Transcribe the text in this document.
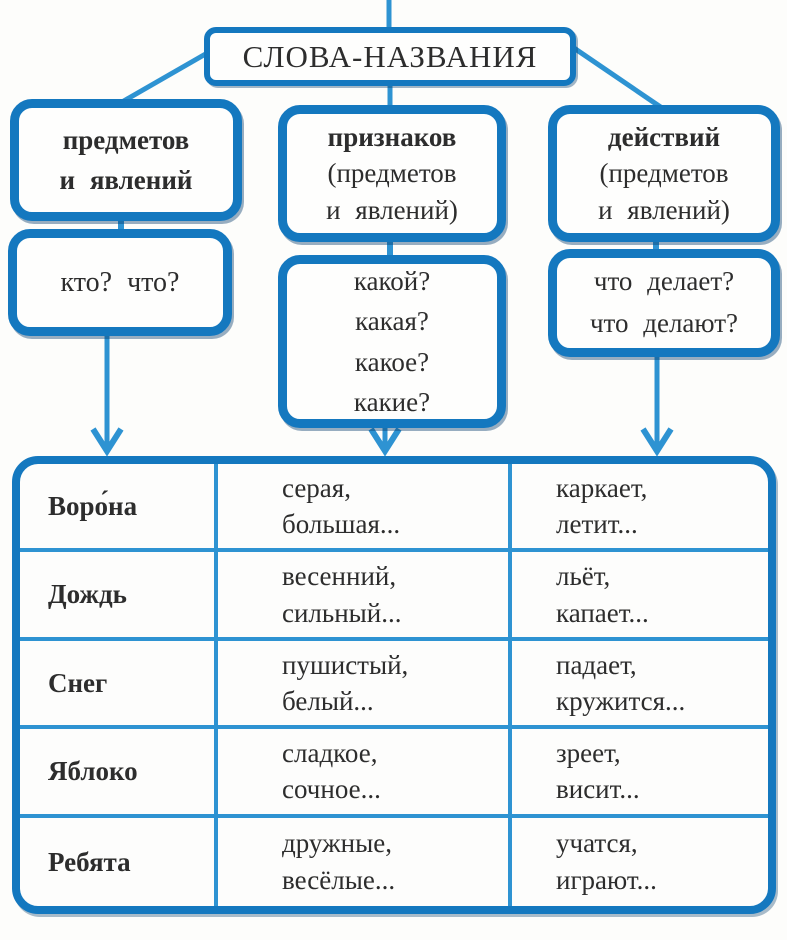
СЛОВА-НАЗВАНИЯ
предметов
и явлений
признаков
(предметов
и явлений)
действий
(предметов
и явлений)
кто? что?	какой?
какая?
какое?
какие?
что делает?
что делают?
Воро́на
серая,
большая...
каркает,
летит...
Дождь
весенний,
сильный...
льёт,
капает...
Снег
пушистый,
белый...
падает,
кружится...
Яблоко
сладкое,
сочное...
зреет,
висит...
Ребята
дружные,
весёлые...
учатся,
играют...
